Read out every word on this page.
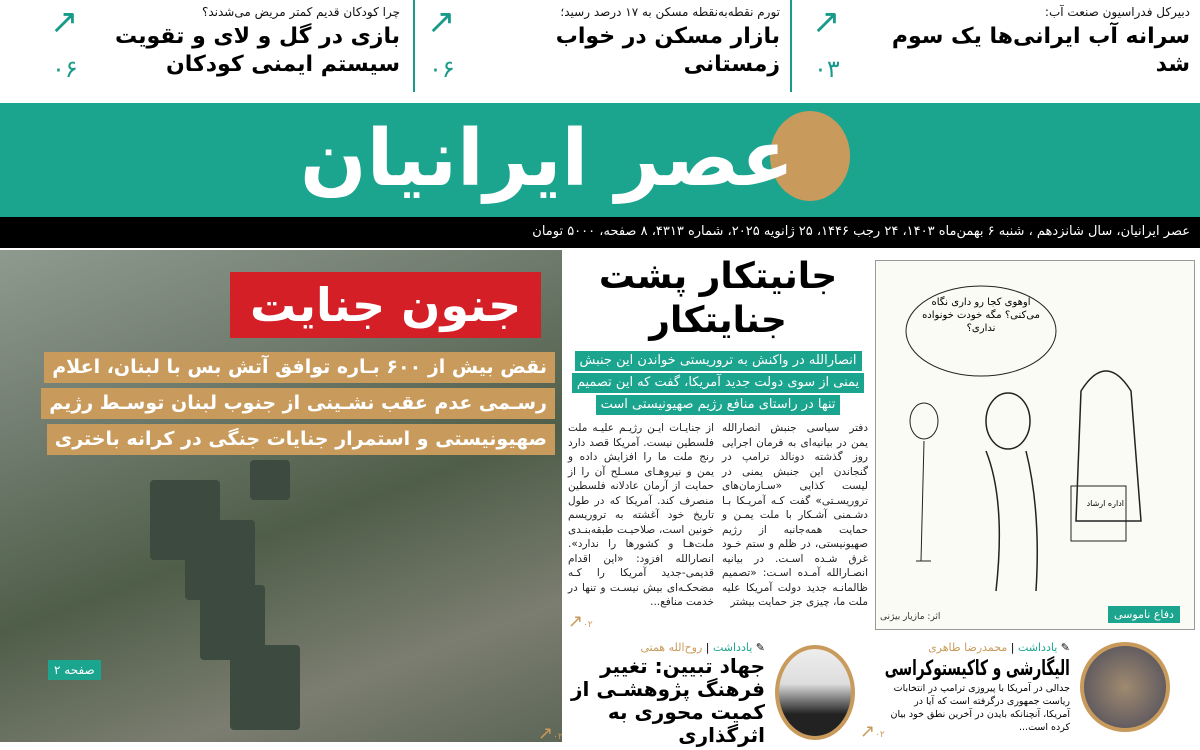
دبیرکل فدراسیون صنعت آب:
سرانه آب ایرانی‌ها یک سوم شد
↗
۰۳
تورم نقطه‌به‌نقطه مسکن به ۱۷ درصد رسید؛
بازار مسکن در خواب زمستانی
↗
۰۶
چرا کودکان قدیم کمتر مریض می‌شدند؟
بازی در گل و لای و تقویت سیستم ایمنی کودکان
↗
۰۶
عصر ایرانیان
عصر ایرانیان، سال شانزدهم ، شنبه ۶ بهمن‌ماه ۱۴۰۳، ۲۴ رجب ۱۴۴۶، ۲۵ ژانویه ۲۰۲۵، شماره ۴۳۱۳، ۸ صفحه، ۵۰۰۰ تومان
جنون جنایت
نقض بیش از ۶۰۰ بـاره توافق آتش بس با لبنان، اعلام
رسـمی عدم عقب نشـینی از جنوب لبنان توسـط رژیم
صهیونیستی و استمرار جنایات جنگی در کرانه باختری
صفحه ۲
جانیتکار پشت جنایتکار
انصارالله در واکنش به تروریستی خواندن این جنبش
یمنی از سوی دولت جدید آمریکا، گفت که این تصمیم
تنها در راستای منافع رژیم صهیونیستی است
دفتر سیاسی جنبش انصارالله یمن در بیانیه‌ای به فرمان اجرایی روز گذشته دونالد ترامپ در گنجاندن این جنبش یمنی در لیست کذایی «سـازمان‌های تروریسـتی» گفت کـه آمریـکا بـا دشـمنی آشـکار با ملت یمـن و حمایت همه‌جانبه از رژیم صهیونیستی، در ظلم و ستم خـود غرق شـده اسـت. در بیانیه انصـارالله آمـده اسـت: «تصمیم ظالمانـه جدید دولت آمریکا علیه ملت ما، چیزی جز حمایت بیشتر
از جنایـات ایـن رژیـم علیـه ملت فلسطین نیست. آمریکا قصد دارد رنج ملت ما را افزایش داده و یمن و نیروهـای مسـلح آن را از حمایت از آرمان عادلانه فلسطین منصرف کند. آمریکا که در طول تاریخ خود آغشته به تروریسم خونین است، صلاحیـت طبقه‌بنـدی ملت‌هـا و کشورها را ندارد». انصارالله افزود: «این اقدام قدیمی-جدید آمریکا را کـه مضحکـه‌ای بیش نیسـت و تنها در خدمت منافع...
↗۰۲
اوهوی کجا رو داری نگاه می‌کنی؟ مگه خودت خونواده نداری؟
اداره ارشاد
دفاع ناموسی
اثر: مازیار بیژنی
✎ یادداشت | محمدرضا طاهری
الیگارشی و کاکیستوکراسی
جدالی در آمریکا با پیروزی ترامپ در انتخابات ریاست جمهوری درگرفته است که آیا در آمریکا، آنچنانکه بایدن در آخرین نطق خود بیان کرده است...
↗۰۲
✎ یادداشت | روح‌الله همتی
جهاد تبیین: تغییر فرهنگ پژوهشـی از کمیت محوری به اثرگذاری
↗۰۲
